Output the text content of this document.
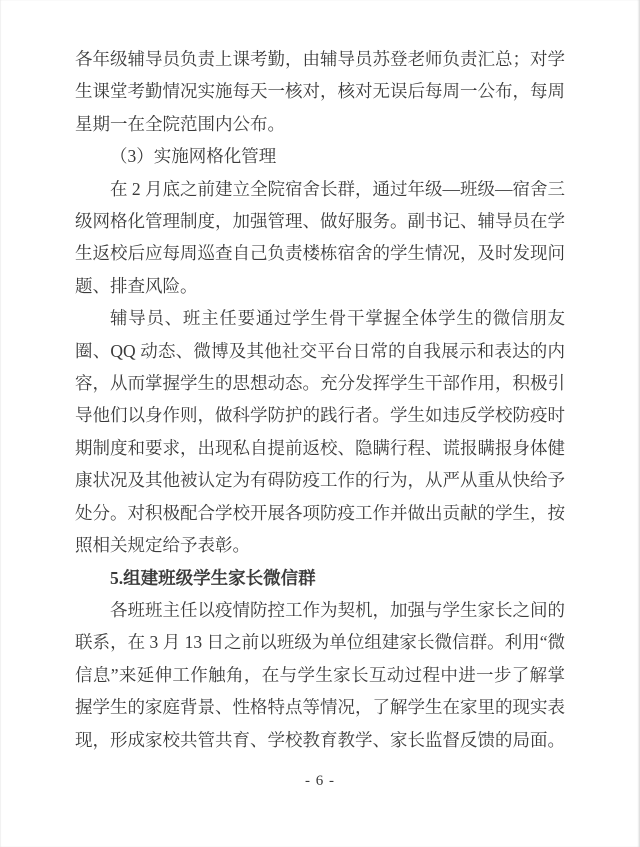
各年级辅导员负责上课考勤，由辅导员苏登老师负责汇总；对学生课堂考勤情况实施每天一核对，核对无误后每周一公布，每周星期一在全院范围内公布。

（3）实施网格化管理

在 2 月底之前建立全院宿舍长群，通过年级—班级—宿舍三级网格化管理制度，加强管理、做好服务。副书记、辅导员在学生返校后应每周巡查自己负责楼栋宿舍的学生情况，及时发现问题、排查风险。

辅导员、班主任要通过学生骨干掌握全体学生的微信朋友圈、QQ 动态、微博及其他社交平台日常的自我展示和表达的内容，从而掌握学生的思想动态。充分发挥学生干部作用，积极引导他们以身作则，做科学防护的践行者。学生如违反学校防疫时期制度和要求，出现私自提前返校、隐瞒行程、谎报瞒报身体健康状况及其他被认定为有碍防疫工作的行为，从严从重从快给予处分。对积极配合学校开展各项防疫工作并做出贡献的学生，按照相关规定给予表彰。

5.组建班级学生家长微信群

各班班主任以疫情防控工作为契机，加强与学生家长之间的联系，在 3 月 13 日之前以班级为单位组建家长微信群。利用“微信息”来延伸工作触角，在与学生家长互动过程中进一步了解掌握学生的家庭背景、性格特点等情况，了解学生在家里的现实表现，形成家校共管共育、学校教育教学、家长监督反馈的局面。

- 6 -
